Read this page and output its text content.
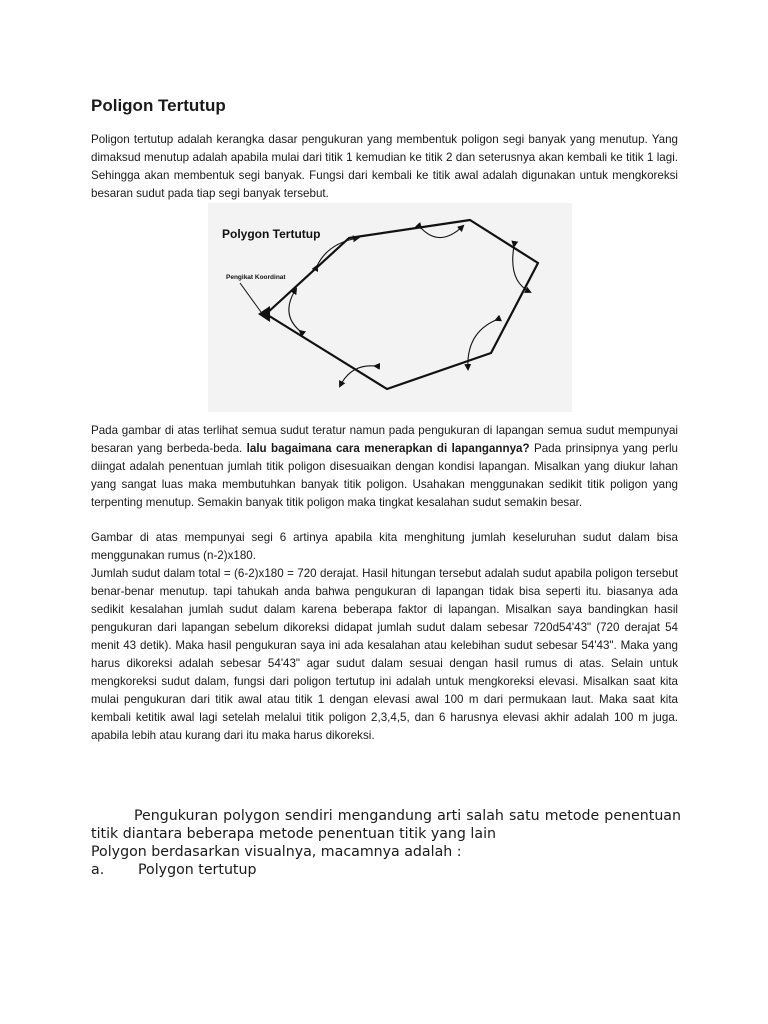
Poligon Tertutup

Poligon tertutup adalah kerangka dasar pengukuran yang membentuk poligon segi banyak yang menutup. Yang dimaksud menutup adalah apabila mulai dari titik 1 kemudian ke titik 2 dan seterusnya akan kembali ke titik 1 lagi. Sehingga akan membentuk segi banyak. Fungsi dari kembali ke titik awal adalah digunakan untuk mengkoreksi besaran sudut pada tiap segi banyak tersebut.

Polygon Tertutup
Pengikat Koordinat

Pada gambar di atas terlihat semua sudut teratur namun pada pengukuran di lapangan semua sudut mempunyai besaran yang berbeda-beda. lalu bagaimana cara menerapkan di lapangannya? Pada prinsipnya yang perlu diingat adalah penentuan jumlah titik poligon disesuaikan dengan kondisi lapangan. Misalkan yang diukur lahan yang sangat luas maka membutuhkan banyak titik poligon. Usahakan menggunakan sedikit titik poligon yang terpenting menutup. Semakin banyak titik poligon maka tingkat kesalahan sudut semakin besar.

Gambar di atas mempunyai segi 6 artinya apabila kita menghitung jumlah keseluruhan sudut dalam bisa menggunakan rumus (n-2)x180.

Jumlah sudut dalam total = (6-2)x180 = 720 derajat. Hasil hitungan tersebut adalah sudut apabila poligon tersebut benar-benar menutup. tapi tahukah anda bahwa pengukuran di lapangan tidak bisa seperti itu. biasanya ada sedikit kesalahan jumlah sudut dalam karena beberapa faktor di lapangan. Misalkan saya bandingkan hasil pengukuran dari lapangan sebelum dikoreksi didapat jumlah sudut dalam sebesar 720d54'43" (720 derajat 54 menit 43 detik). Maka hasil pengukuran saya ini ada kesalahan atau kelebihan sudut sebesar 54'43". Maka yang harus dikoreksi adalah sebesar 54'43" agar sudut dalam sesuai dengan hasil rumus di atas. Selain untuk mengkoreksi sudut dalam, fungsi dari poligon tertutup ini adalah untuk mengkoreksi elevasi. Misalkan saat kita mulai pengukuran dari titik awal atau titik 1 dengan elevasi awal 100 m dari permukaan laut. Maka saat kita kembali ketitik awal lagi setelah melalui titik poligon 2,3,4,5, dan 6 harusnya elevasi akhir adalah 100 m juga. apabila lebih atau kurang dari itu maka harus dikoreksi.

Pengukuran polygon sendiri mengandung arti salah satu metode penentuan titik diantara beberapa metode penentuan titik yang lain

Polygon berdasarkan visualnya, macamnya adalah :

a.	Polygon tertutup
